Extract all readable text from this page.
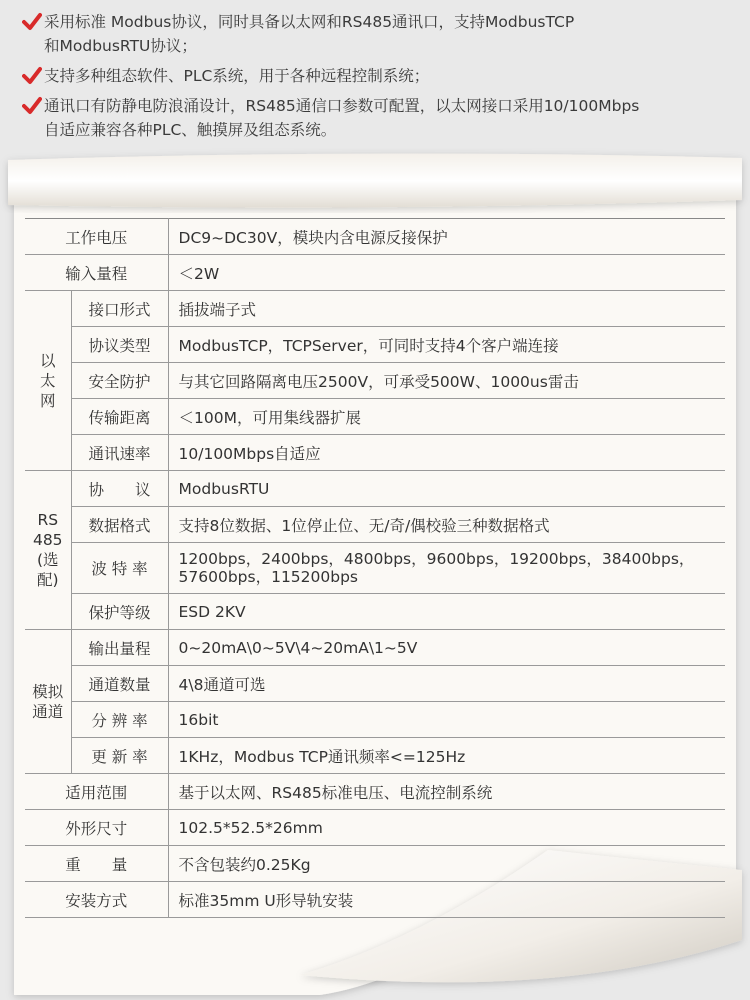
采用标准 Modbus协议，同时具备以太网和RS485通讯口，支持ModbusTCP
和ModbusRTU协议；
支持多种组态软件、PLC系统，用于各种远程控制系统；
通讯口有防静电防浪涌设计，RS485通信口参数可配置，以太网接口采用10/100Mbps
自适应兼容各种PLC、触摸屏及组态系统。
工作电压		DC9~DC30V，模块内含电源反接保护
输入量程		＜2W
以
太
网	接口形式	插拔端子式
	协议类型	ModbusTCP，TCPServer，可同时支持4个客户端连接
	安全防护	与其它回路隔离电压2500V，可承受500W、1000us雷击
	传输距离	＜100M，可用集线器扩展
	通讯速率	10/100Mbps自适应
RS
485
(选配)	协　　议	ModbusRTU
	数据格式	支持8位数据、1位停止位、无/奇/偶校验三种数据格式
	波 特 率	1200bps，2400bps，4800bps，9600bps，19200bps，38400bps，57600bps，115200bps
	保护等级	ESD 2KV
模拟
通道	输出量程	0~20mA\0~5V\4~20mA\1~5V
	通道数量	4\8通道可选
	分 辨 率	16bit
	更 新 率	1KHz，Modbus TCP通讯频率<=125Hz
适用范围		基于以太网、RS485标准电压、电流控制系统
外形尺寸		102.5*52.5*26mm
重　　量		不含包装约0.25Kg
安装方式		标准35mm U形导轨安装
